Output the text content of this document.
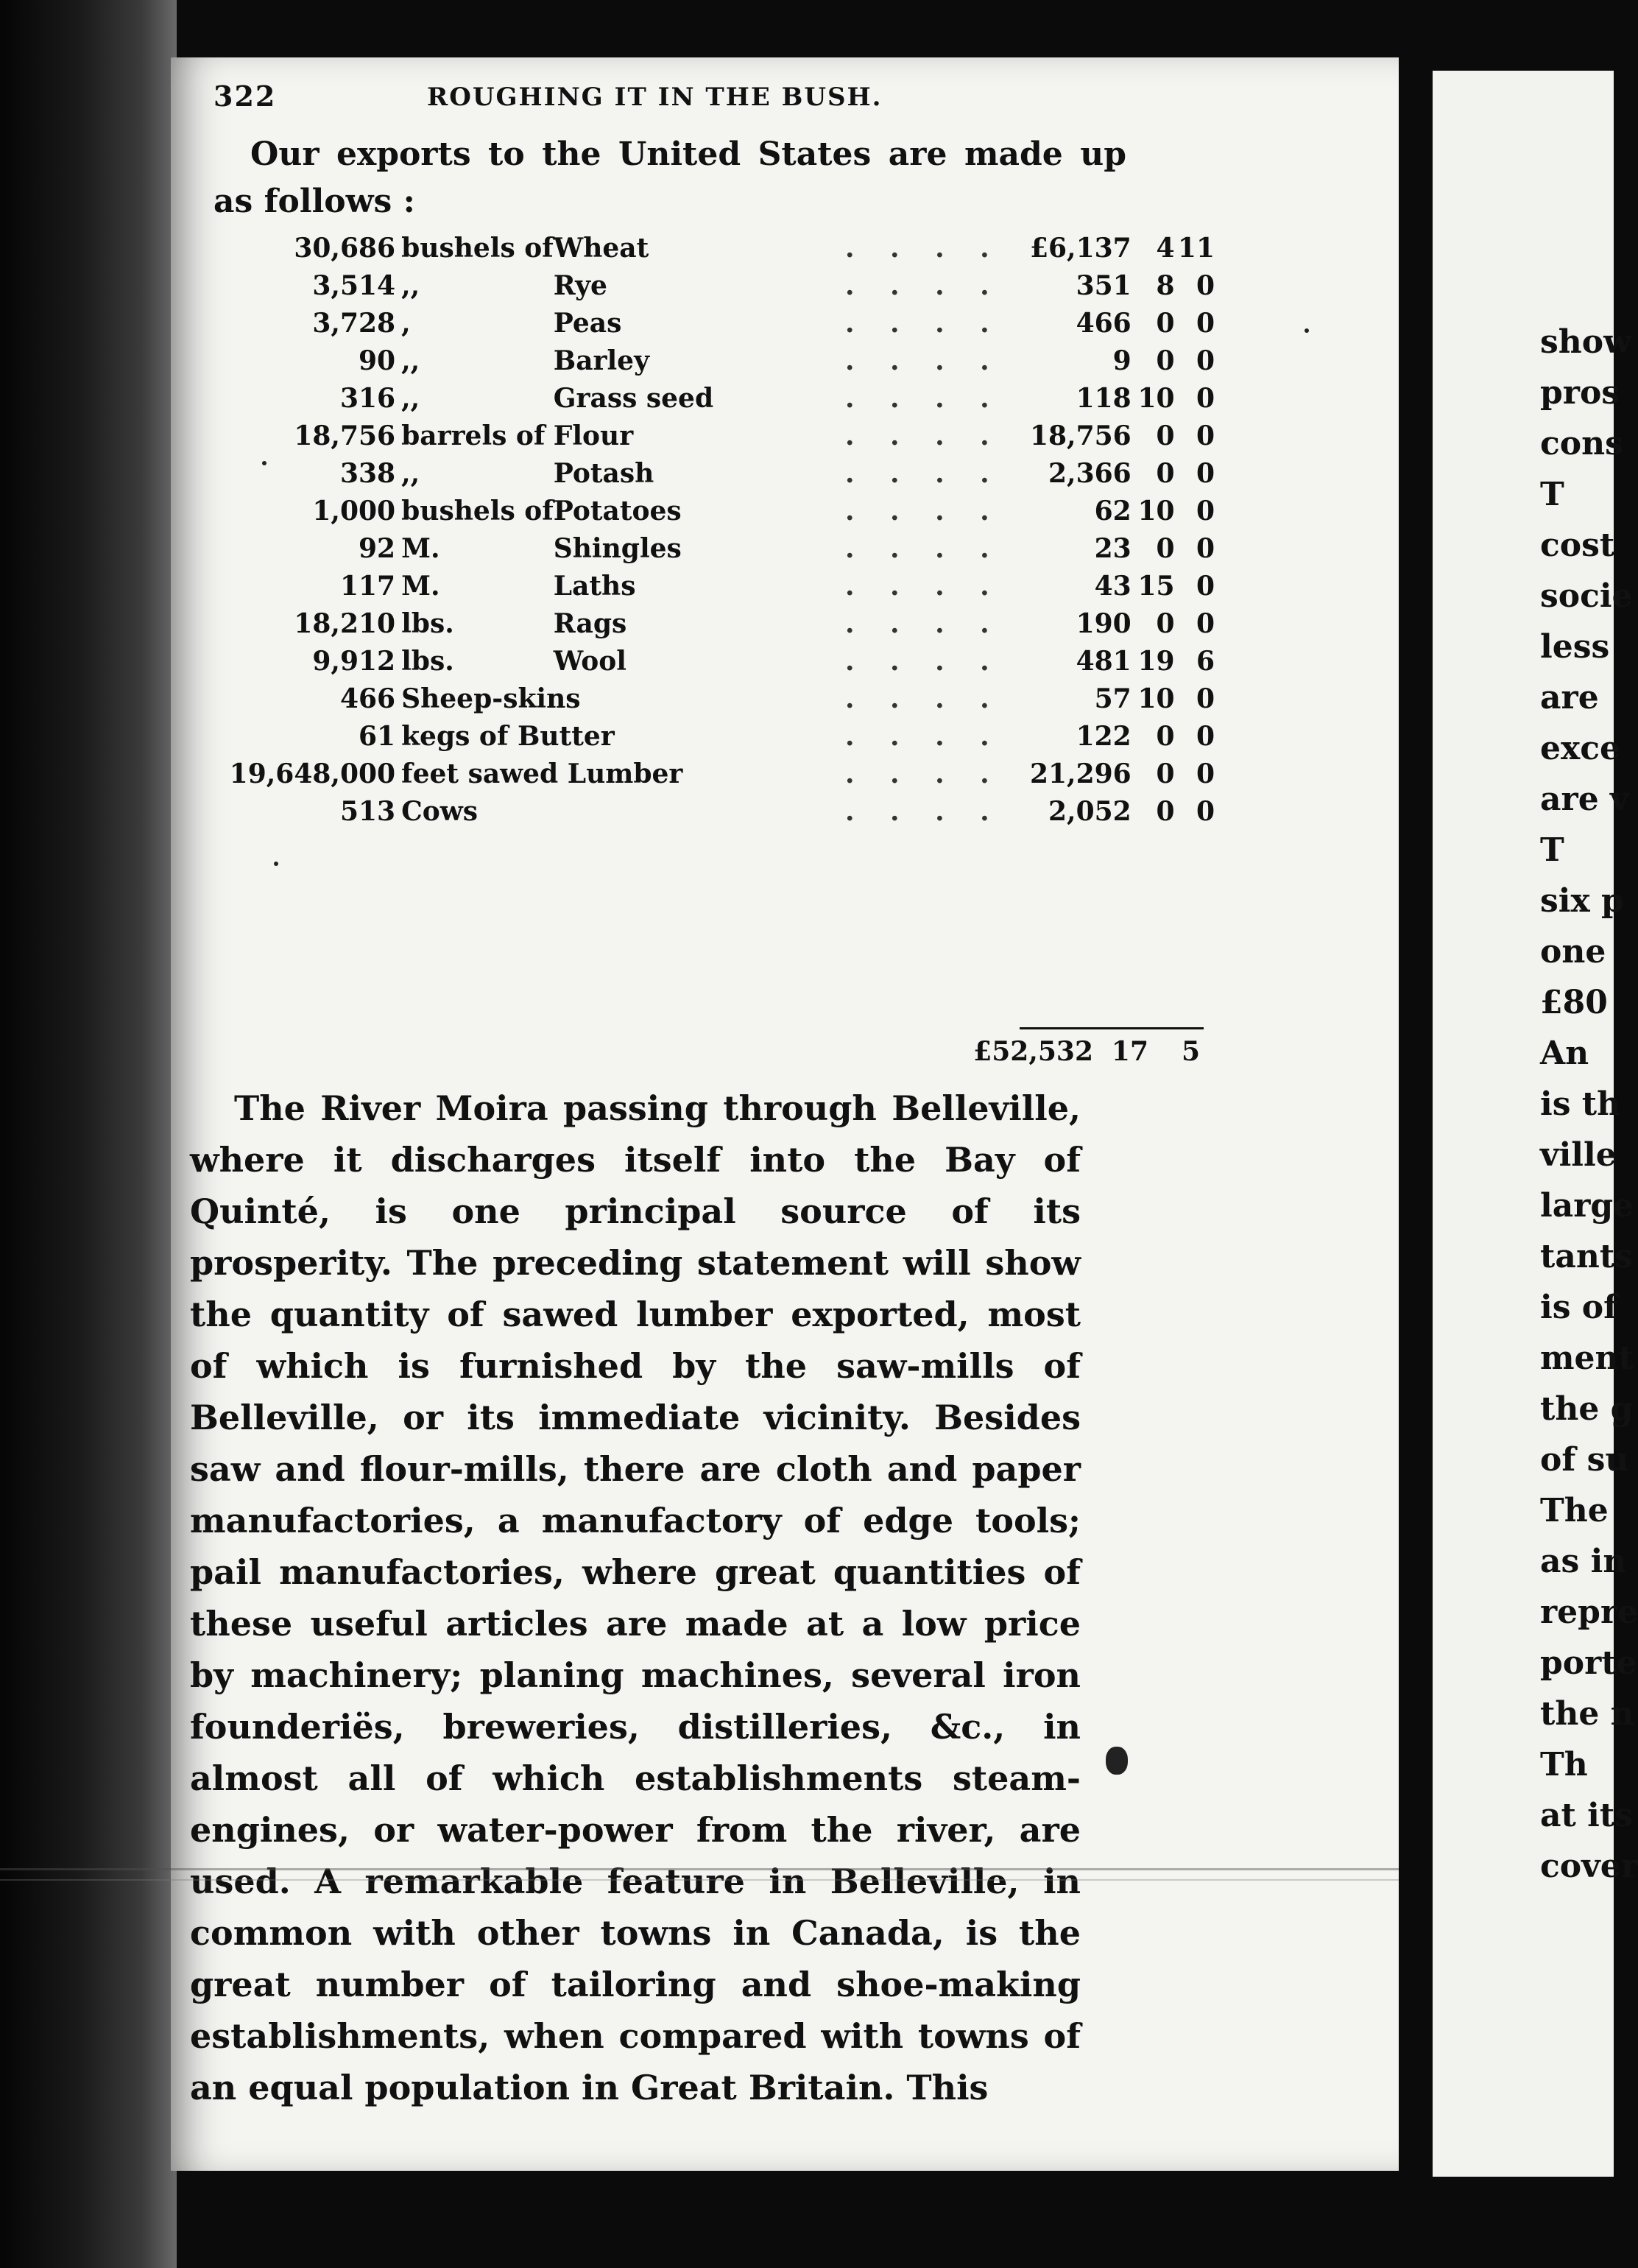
show
pros
cons
T
cost
socie
less
are
exce
are v
T
six p
one
£80
An
is th
ville
large
tants
is of
ment
the g
of su
The
as in
repre
porte
the n
Th
at its
cover
322	ROUGHING IT IN THE BUSH.
Our exports to the United States are made up as follows :
30,686	bushels of	Wheat	. . . .	£6,137	4	11
3,514	,,	Rye	. . . .	351	8	0
3,728	,	Peas	. . . .	466	0	0
90	,,	Barley	. . . .	9	0	0
316	,,	Grass seed	. . . .	118	10	0
18,756	barrels of	Flour	. . . .	18,756	0	0
338	,,	Potash	. . . .	2,366	0	0
1,000	bushels of	Potatoes	. . . .	62	10	0
92	M.	Shingles	. . . .	23	0	0
117	M.	Laths	. . . .	43	15	0
18,210	lbs.	Rags	. . . .	190	0	0
9,912	lbs.	Wool	. . . .	481	19	6
466	Sheep-skins		. . . .	57	10	0
61	kegs of Butter		. . . .	122	0	0
19,648,000	feet sawed Lumber		. . . .	21,296	0	0
513	Cows		. . . .	2,052	0	0
£52,532 17	5
The River Moira passing through Belleville, where it discharges itself into the Bay of Quinté, is one principal source of its prosperity. The preceding statement will show the quantity of sawed lumber exported, most of which is furnished by the saw-mills of Belleville, or its immediate vicinity. Besides saw and flour-mills, there are cloth and paper manufactories, a manufactory of edge tools; pail manufactories, where great quantities of these useful articles are made at a low price by machinery; planing machines, several iron founderiës, breweries, distilleries, &c., in almost all of which establishments steam-engines, or water-power from the river, are used. A remarkable feature in Belleville, in common with other towns in Canada, is the great number of tailoring and shoe-making establishments, when compared with towns of an equal population in Great Britain. This
